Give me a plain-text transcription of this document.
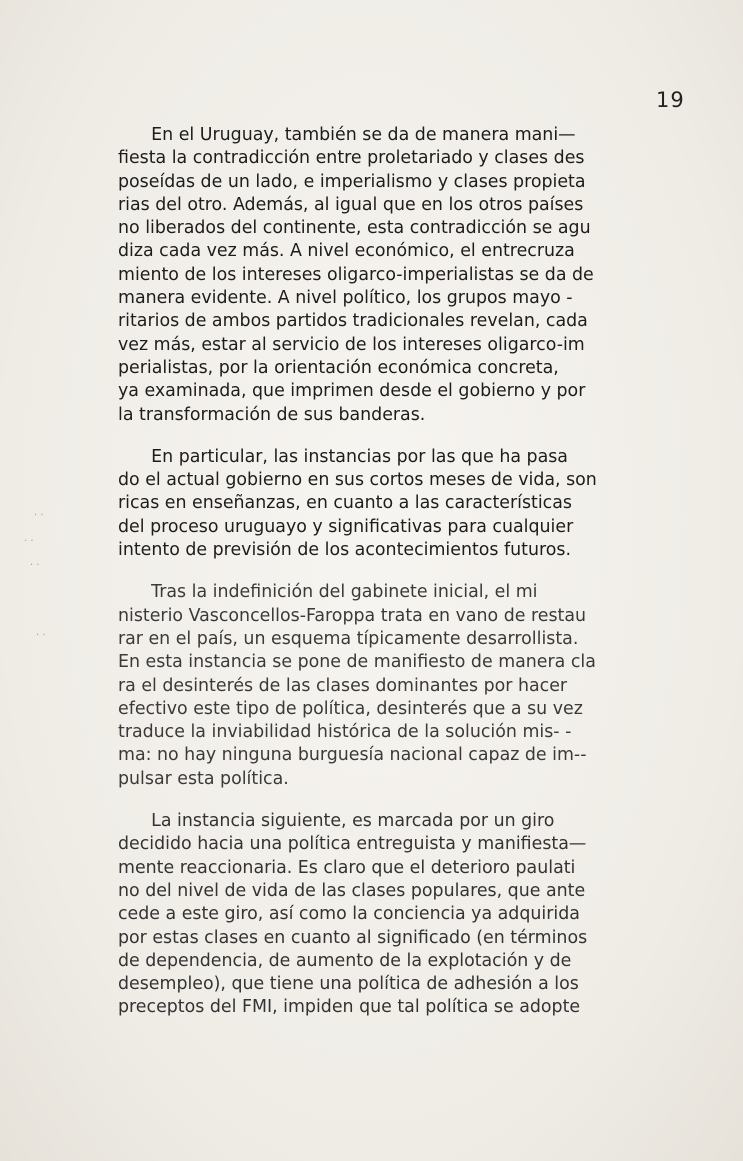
19
· ·
· ·
· ·
· ·
En el Uruguay, también se da de manera mani—
fiesta la contradicción entre proletariado y clases des
poseídas de un lado, e imperialismo y clases propieta
rias del otro. Además, al igual que en los otros países
no liberados del continente, esta contradicción se agu
diza cada vez más. A nivel económico, el entrecruza
miento de los intereses oligarco-imperialistas se da de
manera evidente. A nivel político, los grupos mayo -
ritarios de ambos partidos tradicionales revelan, cada
vez más, estar al servicio de los intereses oligarco-im
perialistas, por la orientación económica concreta,
ya examinada, que imprimen desde el gobierno y por
la transformación de sus banderas.
En particular, las instancias por las que ha pasa
do el actual gobierno en sus cortos meses de vida, son
ricas en enseñanzas, en cuanto a las características
del proceso uruguayo y significativas para cualquier
intento de previsión de los acontecimientos futuros.
Tras la indefinición del gabinete inicial, el mi
nisterio Vasconcellos-Faroppa trata en vano de restau
rar en el país, un esquema típicamente desarrollista.
En esta instancia se pone de manifiesto de manera cla
ra el desinterés de las clases dominantes por hacer
efectivo este tipo de política, desinterés que a su vez
traduce la inviabilidad histórica de la solución mis- -
ma: no hay ninguna burguesía nacional capaz de im--
pulsar esta política.
La instancia siguiente, es marcada por un giro
decidido hacia una política entreguista y manifiesta—
mente reaccionaria. Es claro que el deterioro paulati
no del nivel de vida de las clases populares, que ante
cede a este giro, así como la conciencia ya adquirida
por estas clases en cuanto al significado (en términos
de dependencia, de aumento de la explotación y de
desempleo), que tiene una política de adhesión a los
preceptos del FMI, impiden que tal política se adopte
